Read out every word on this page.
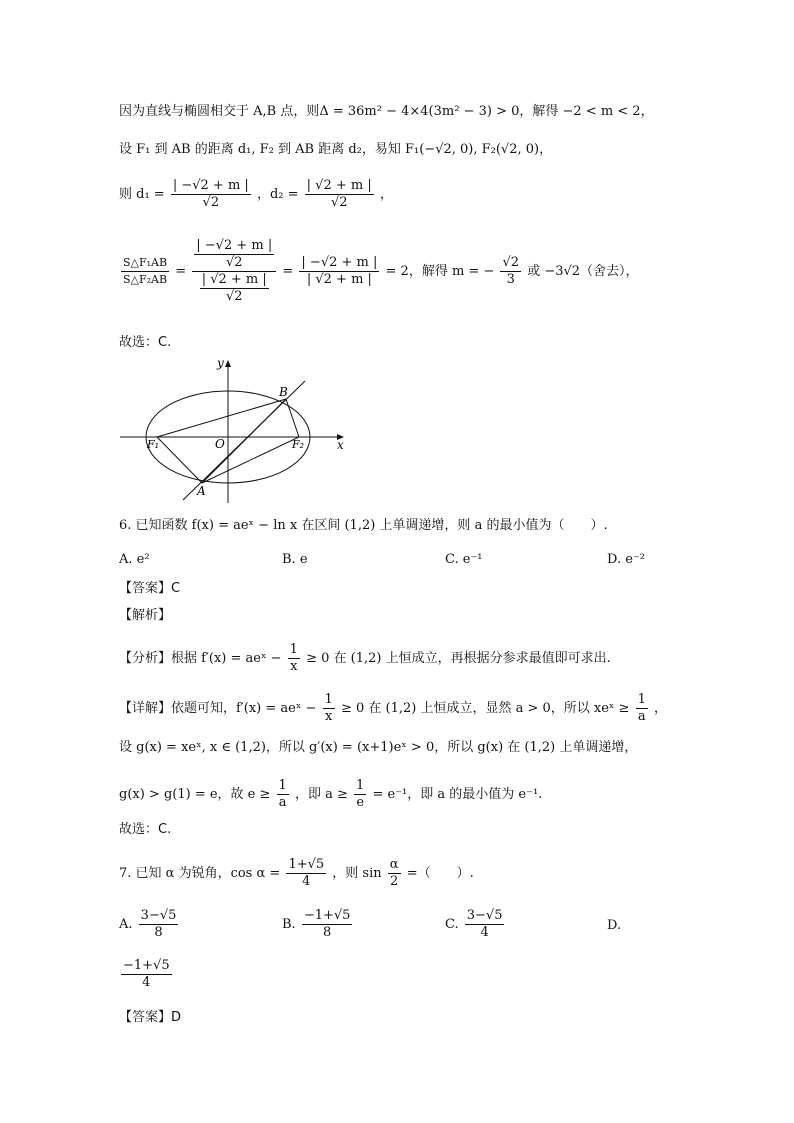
因为直线与椭圆相交于 A,B 点，则Δ = 36m² − 4×4(3m² − 3) > 0，解得 −2 < m < 2，
设 F₁ 到 AB 的距离 d₁, F₂ 到 AB 距离 d₂，易知 F₁(−√2, 0), F₂(√2, 0)，
则 $d_1 = \frac{| -√2 + m |}{√2}$ ，$d_2 = \frac{| √2 + m |}{√2}$ ，
$\frac{\text{S△F₁AB}}{\text{S△F₂AB}} = \frac{\frac{| -√2 + m |}{√2}}{\frac{| √2 + m |}{√2}} = \frac{| -√2 + m |}{| √2 + m |} = 2$，解得 m = − $\frac{√2}{3}$ 或 −3√2（舍去），
故选：C.
y
x
O
B
A
F₁	F₂
6. 已知函数 f(x) = aeˣ − ln x 在区间 (1,2) 上单调递增，则 a 的最小值为（　　）.
A. e²	B. e	C. e⁻¹	D. e⁻²
【答案】C
【解析】
【分析】根据 f′(x) = aeˣ − $\frac{1}{x} \ge 0$ 在 (1,2) 上恒成立，再根据分参求最值即可求出.
【详解】依题可知，f′(x) = aeˣ − $\frac{1}{x} \ge 0$ 在 (1,2) 上恒成立，显然 a > 0，所以 xeˣ ≥ $\frac{1}{a}$ ，
设 g(x) = xeˣ, x ∈ (1,2)，所以 g′(x) = (x+1)eˣ > 0，所以 g(x) 在 (1,2) 上单调递增，
g(x) > g(1) = e，故 $e \ge \frac{1}{a}$ ，即 $a \ge \frac{1}{e} = e^{-1}$，即 a 的最小值为 e⁻¹.
故选：C.
7. 已知 α 为锐角，$\cos \alpha = \frac{1+√5}{4}$ ，则 $\sin \frac{\alpha}{2}$ =（　　）.
A. $\frac{3-√5}{8}$	B. $\frac{-1+√5}{8}$	C. $\frac{3-√5}{4}$	D.
$\frac{-1+√5}{4}$
【答案】D
